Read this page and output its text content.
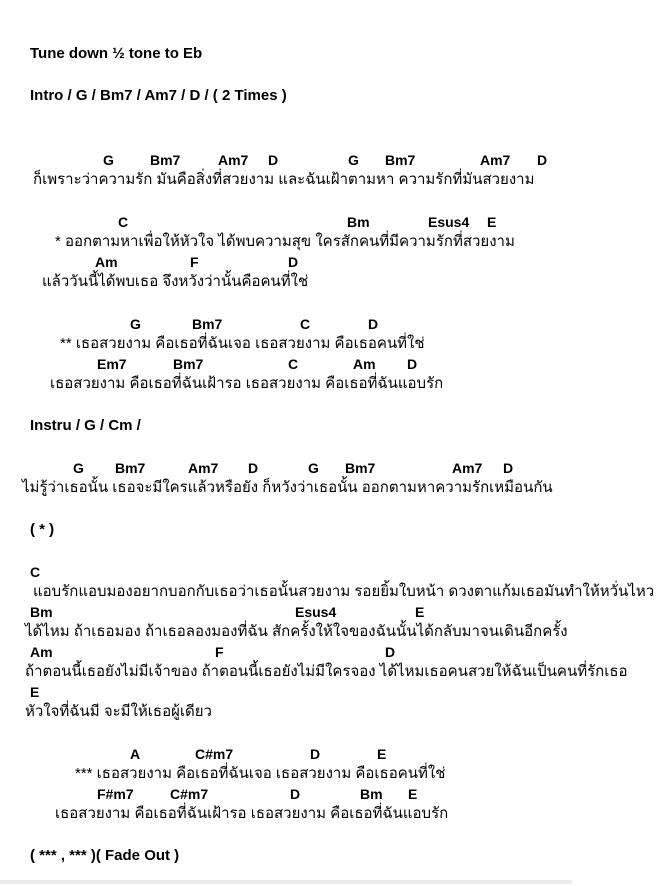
Tune down ½ tone to Eb
Intro / G / Bm7 / Am7 / D / ( 2 Times )
G	Bm7	Am7 D	G Bm7	Am7 D
ก็เพราะว่าความรัก มันคือสิ่งที่สวยงาม และฉันเฝ้าตามหา ความรักที่มันสวยงาม
C	Bm	Esus4 E
* ออกตามหาเพื่อให้หัวใจ ได้พบความสุข ใครสักคนที่มีความรักที่สวยงาม
Am	F	D
แล้ววันนี้ได้พบเธอ จึงหวังว่านั้นคือคนที่ใช่
G	Bm7	C	D
** เธอสวยงาม คือเธอที่ฉันเจอ เธอสวยงาม คือเธอคนที่ใช่
Em7	Bm7	C	Am D
เธอสวยงาม คือเธอที่ฉันเฝ้ารอ เธอสวยงาม คือเธอที่ฉันแอบรัก
Instru / G / Cm /
G Bm7	Am7 D	G Bm7	Am7 D
ไม่รู้ว่าเธอนั้น เธอจะมีใครแล้วหรือยัง ก็หวังว่าเธอนั้น ออกตามหาความรักเหมือนกัน
( * )
C
แอบรักแอบมองอยากบอกกับเธอว่าเธอนั้นสวยงาม รอยยิ้มใบหน้า ดวงตาแก้มเธอมันทำให้หวั่นไหว
Bm	Esus4	E
ได้ไหม ถ้าเธอมอง ถ้าเธอลองมองที่ฉัน สักครั้งให้ใจของฉันนั้นได้กลับมาจนเดินอีกครั้ง
Am	F	D
ถ้าตอนนี้เธอยังไม่มีเจ้าของ ถ้าตอนนี้เธอยังไม่มีใครจอง ได้ไหมเธอคนสวยให้ฉันเป็นคนที่รักเธอ
E
หัวใจที่ฉันมี จะมีให้เธอผู้เดียว
A	C#m7	D	E
*** เธอสวยงาม คือเธอที่ฉันเจอ เธอสวยงาม คือเธอคนที่ใช่
F#m7	C#m7	D	Bm E
เธอสวยงาม คือเธอที่ฉันเฝ้ารอ เธอสวยงาม คือเธอที่ฉันแอบรัก
( *** , *** )( Fade Out )
